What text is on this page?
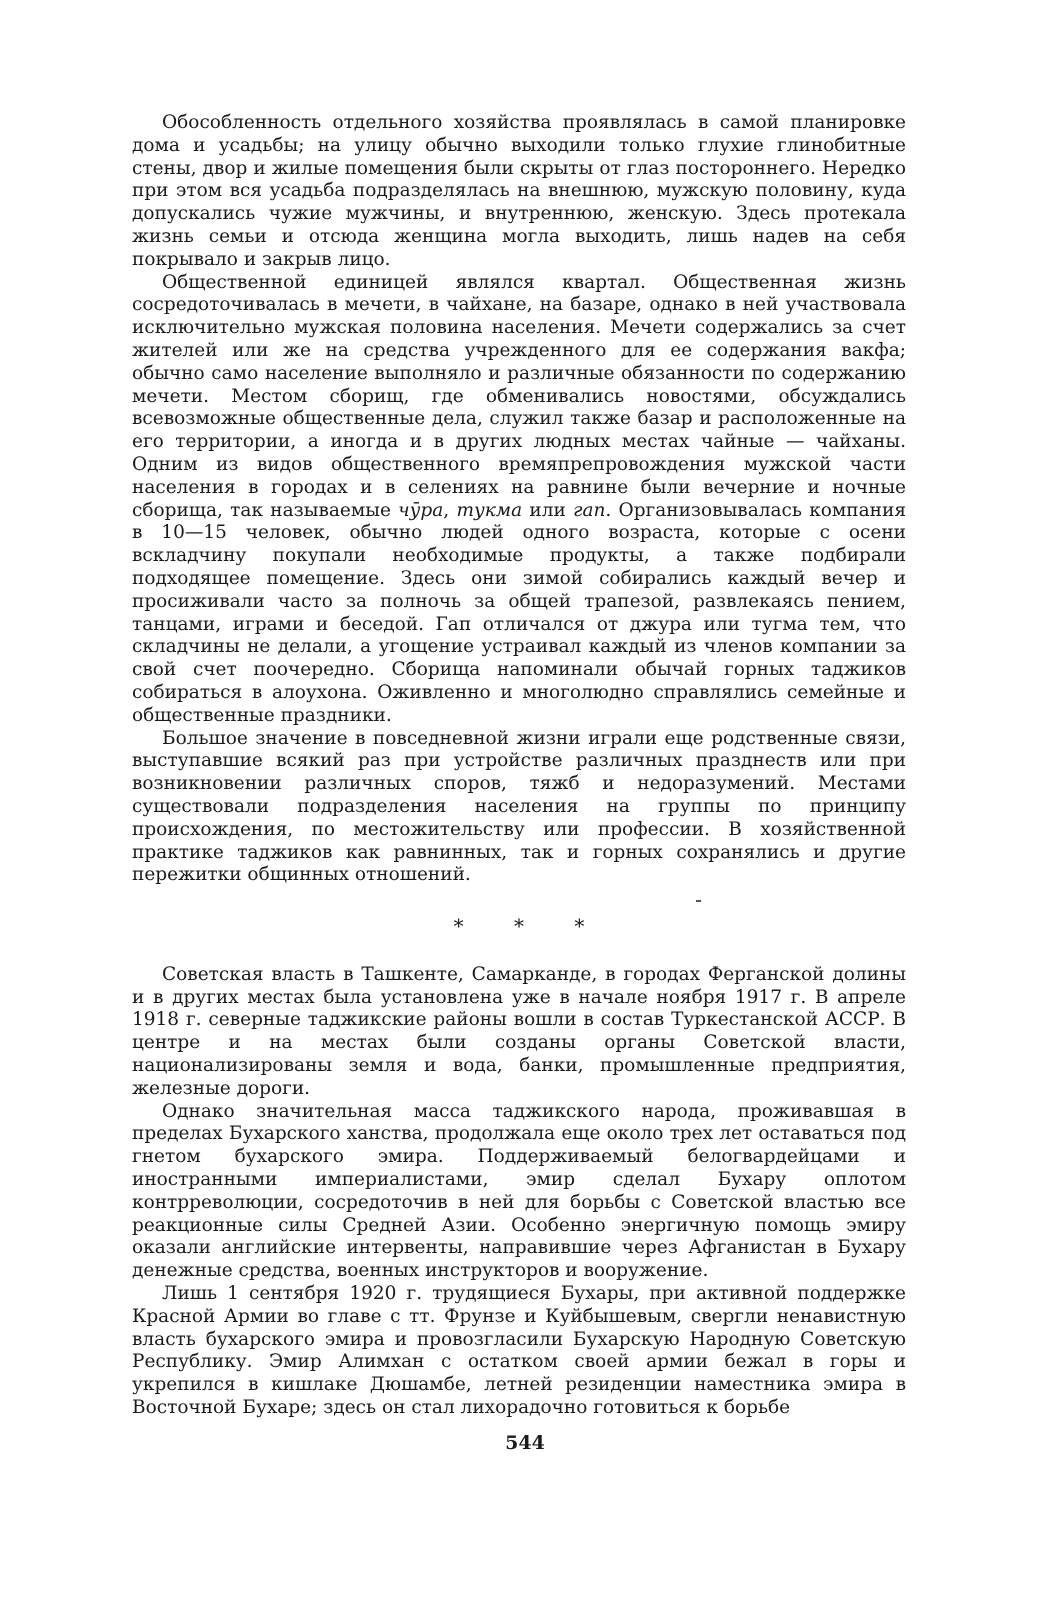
Обособленность отдельного хозяйства проявлялась в самой планировке дома и усадьбы; на улицу обычно выходили только глухие глинобитные стены, двор и жилые помещения были скрыты от глаз постороннего. Нередко при этом вся усадьба подразделялась на внешнюю, мужскую половину, куда допускались чужие мужчины, и внутреннюю, женскую. Здесь протекала жизнь семьи и отсюда женщина могла выходить, лишь надев на себя покрывало и закрыв лицо.

Общественной единицей являлся квартал. Общественная жизнь сосредоточивалась в мечети, в чайхане, на базаре, однако в ней участвовала исключительно мужская половина населения. Мечети содержались за счет жителей или же на средства учрежденного для ее содержания вакфа; обычно само население выполняло и различные обязанности по содержанию мечети. Местом сборищ, где обменивались новостями, обсуждались всевозможные общественные дела, служил также базар и расположенные на его территории, а иногда и в других людных местах чайные — чайханы. Одним из видов общественного времяпрепровождения мужской части населения в городах и в селениях на равнине были вечерние и ночные сборища, так называемые чӯра, тукма или гап. Организовывалась компания в 10—15 человек, обычно людей одного возраста, которые с осени вскладчину покупали необходимые продукты, а также подбирали подходящее помещение. Здесь они зимой собирались каждый вечер и просиживали часто за полночь за общей трапезой, развлекаясь пением, танцами, играми и беседой. Гап отличался от джура или тугма тем, что складчины не делали, а угощение устраивал каждый из членов компании за свой счет поочередно. Сборища напоминали обычай горных таджиков собираться в алоухона. Оживленно и многолюдно справлялись семейные и общественные праздники.

Большое значение в повседневной жизни играли еще родственные связи, выступавшие всякий раз при устройстве различных празднеств или при возникновении различных споров, тяжб и недоразумений. Местами существовали подразделения населения на группы по принципу происхождения, по местожительству или профессии. В хозяйственной практике таджиков как равнинных, так и горных сохранялись и другие пережитки общинных отношений.

* * *

Советская власть в Ташкенте, Самарканде, в городах Ферганской долины и в других местах была установлена уже в начале ноября 1917 г. В апреле 1918 г. северные таджикские районы вошли в состав Туркестанской АССР. В центре и на местах были созданы органы Советской власти, национализированы земля и вода, банки, промышленные предприятия, железные дороги.

Однако значительная масса таджикского народа, проживавшая в пределах Бухарского ханства, продолжала еще около трех лет оставаться под гнетом бухарского эмира. Поддерживаемый белогвардейцами и иностранными империалистами, эмир сделал Бухару оплотом контрреволюции, сосредоточив в ней для борьбы с Советской властью все реакционные силы Средней Азии. Особенно энергичную помощь эмиру оказали английские интервенты, направившие через Афганистан в Бухару денежные средства, военных инструкторов и вооружение.

Лишь 1 сентября 1920 г. трудящиеся Бухары, при активной поддержке Красной Армии во главе с тт. Фрунзе и Куйбышевым, свергли ненавистную власть бухарского эмира и провозгласили Бухарскую Народную Советскую Республику. Эмир Алимхан с остатком своей армии бежал в горы и укрепился в кишлаке Дюшамбе, летней резиденции наместника эмира в Восточной Бухаре; здесь он стал лихорадочно готовиться к борьбе

544
